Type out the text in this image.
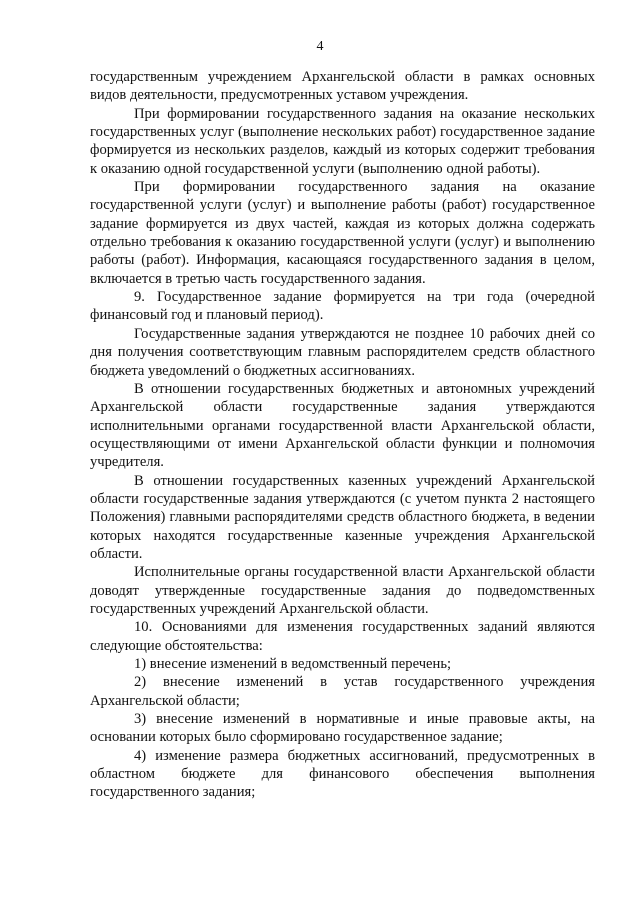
4

государственным учреждением Архангельской области в рамках основных видов деятельности, предусмотренных уставом учреждения.

При формировании государственного задания на оказание нескольких государственных услуг (выполнение нескольких работ) государственное задание формируется из нескольких разделов, каждый из которых содержит требования к оказанию одной государственной услуги (выполнению одной работы).

При формировании государственного задания на оказание государственной услуги (услуг) и выполнение работы (работ) государственное задание формируется из двух частей, каждая из которых должна содержать отдельно требования к оказанию государственной услуги (услуг) и выполнению работы (работ). Информация, касающаяся государственного задания в целом, включается в третью часть государственного задания.

9. Государственное задание формируется на три года (очередной финансовый год и плановый период).

Государственные задания утверждаются не позднее 10 рабочих дней со дня получения соответствующим главным распорядителем средств областного бюджета уведомлений о бюджетных ассигнованиях.

В отношении государственных бюджетных и автономных учреждений Архангельской области государственные задания утверждаются исполнительными органами государственной власти Архангельской области, осуществляющими от имени Архангельской области функции и полномочия учредителя.

В отношении государственных казенных учреждений Архангельской области государственные задания утверждаются (с учетом пункта 2 настоящего Положения) главными распорядителями средств областного бюджета, в ведении которых находятся государственные казенные учреждения Архангельской области.

Исполнительные органы государственной власти Архангельской области доводят утвержденные государственные задания до подведомственных государственных учреждений Архангельской области.

10. Основаниями для изменения государственных заданий являются следующие обстоятельства:

1) внесение изменений в ведомственный перечень;

2) внесение изменений в устав государственного учреждения Архангельской области;

3) внесение изменений в нормативные и иные правовые акты, на основании которых было сформировано государственное задание;

4) изменение размера бюджетных ассигнований, предусмотренных в областном бюджете для финансового обеспечения выполнения государственного задания;
